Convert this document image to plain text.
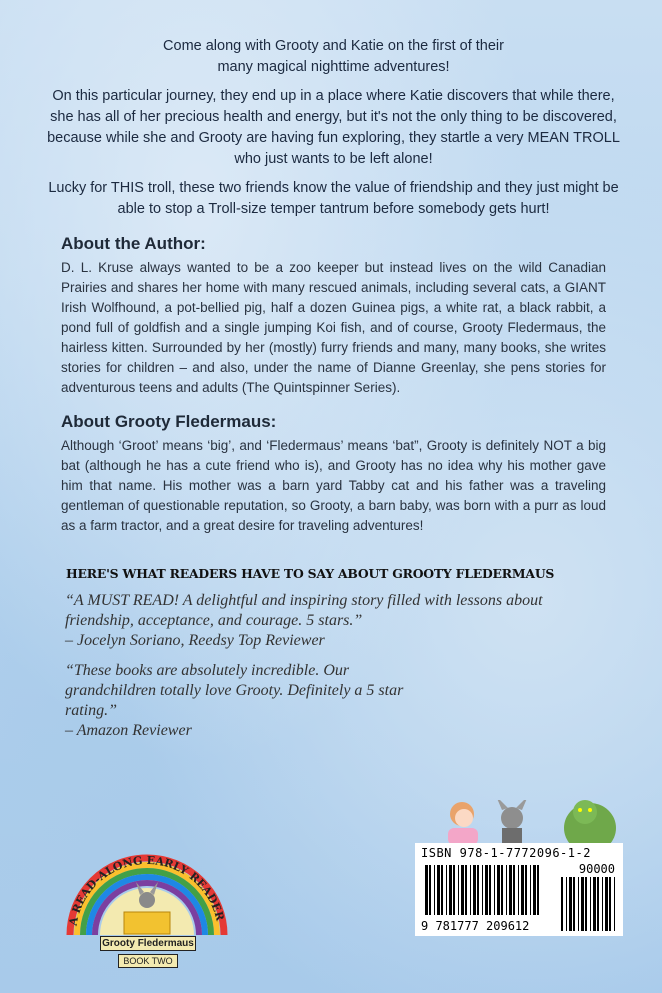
Come along with Grooty and Katie on the first of their many magical nighttime adventures!

On this particular journey, they end up in a place where Katie discovers that while there, she has all of her precious health and energy, but it's not the only thing to be discovered, because while she and Grooty are having fun exploring, they startle a very MEAN TROLL who just wants to be left alone!

Lucky for THIS troll, these two friends know the value of friendship and they just might be able to stop a Troll-size temper tantrum before somebody gets hurt!

About the Author:
D. L. Kruse always wanted to be a zoo keeper but instead lives on the wild Canadian Prairies and shares her home with many rescued animals, including several cats, a GIANT Irish Wolfhound, a pot-bellied pig, half a dozen Guinea pigs, a white rat, a black rabbit, a pond full of goldfish and a single jumping Koi fish, and of course, Grooty Fledermaus, the hairless kitten. Surrounded by her (mostly) furry friends and many, many books, she writes stories for children – and also, under the name of Dianne Greenlay, she pens stories for adventurous teens and adults (The Quintspinner Series).
About Grooty Fledermaus:
Although ‘Groot’ means ‘big’, and ‘Fledermaus’ means ‘bat”, Grooty is definitely NOT a big bat (although he has a cute friend who is), and Grooty has no idea why his mother gave him that name. His mother was a barn yard Tabby cat and his father was a traveling gentleman of questionable reputation, so Grooty, a barn baby, was born with a purr as loud as a farm tractor, and a great desire for traveling adventures!
HERE'S WHAT READERS HAVE TO SAY ABOUT GROOTY FLEDERMAUS
“A MUST READ! A delightful and inspiring story filled with lessons about friendship, acceptance, and courage. 5 stars.”
– Jocelyn Soriano, Reedsy Top Reviewer
“These books are absolutely incredible. Our grandchildren totally love Grooty. Definitely a 5 star rating.”
– Amazon Reviewer
A READ-ALONG EARLY READER
Grooty Fledermaus
BOOK TWO
ISBN 978-1-7772096-1-2
90000
9 781777 209612
